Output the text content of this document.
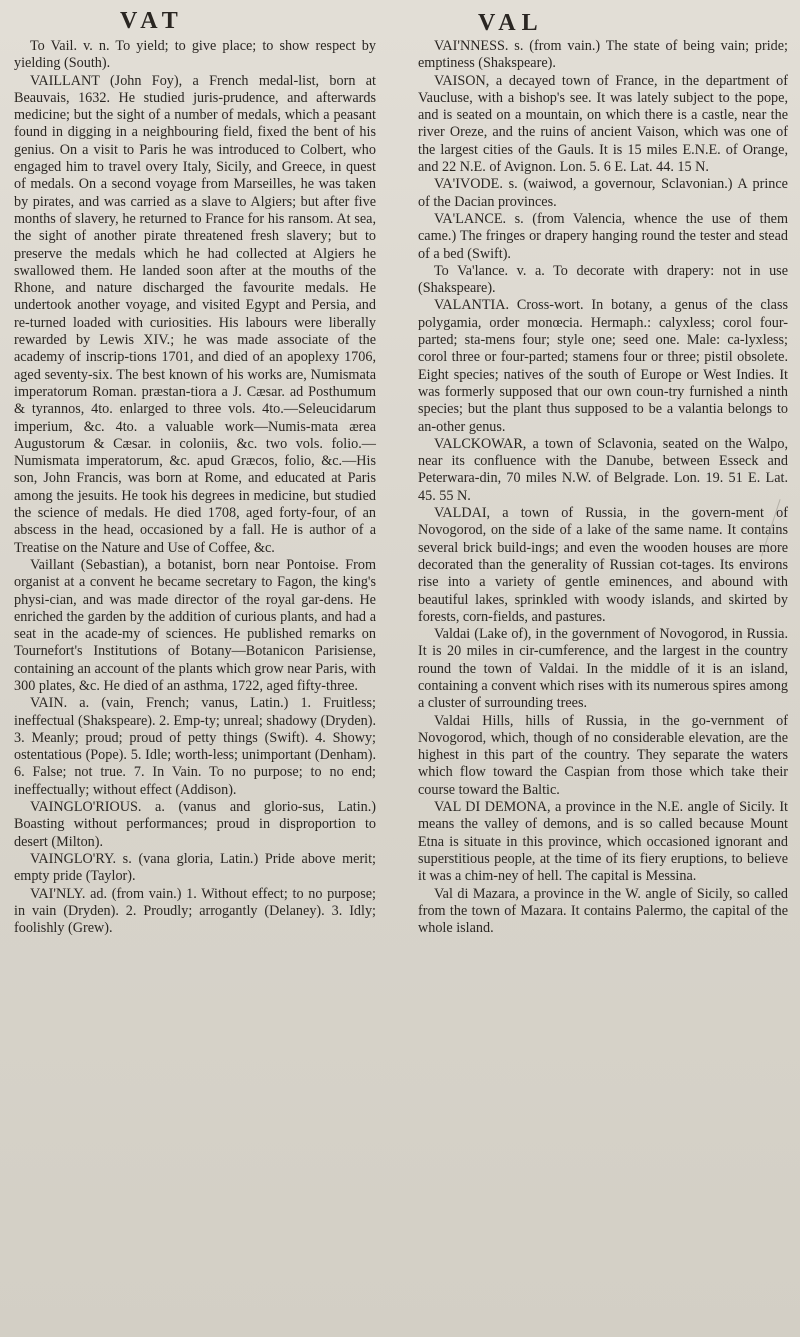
VAT	VAL

To Vail. v. n. To yield; to give place; to show respect by yielding (South).

VAILLANT (John Foy), a French medal-list, born at Beauvais, 1632. He studied juris-prudence, and afterwards medicine; but the sight of a number of medals, which a peasant found in digging in a neighbouring field, fixed the bent of his genius. On a visit to Paris he was introduced to Colbert, who engaged him to travel overy Italy, Sicily, and Greece, in quest of medals. On a second voyage from Marseilles, he was taken by pirates, and was carried as a slave to Algiers; but after five months of slavery, he returned to France for his ransom. At sea, the sight of another pirate threatened fresh slavery; but to preserve the medals which he had collected at Algiers he swallowed them. He landed soon after at the mouths of the Rhone, and nature discharged the favourite medals. He undertook another voyage, and visited Egypt and Persia, and re-turned loaded with curiosities. His labours were liberally rewarded by Lewis XIV.; he was made associate of the academy of inscrip-tions 1701, and died of an apoplexy 1706, aged seventy-six. The best known of his works are, Numismata imperatorum Roman. præstan-tiora a J. Cæsar. ad Posthumum & tyrannos, 4to. enlarged to three vols. 4to.—Seleucidarum imperium, &c. 4to. a valuable work—Numis-mata ærea Augustorum & Cæsar. in coloniis, &c. two vols. folio.—Numismata imperatorum, &c. apud Græcos, folio, &c.—His son, John Francis, was born at Rome, and educated at Paris among the jesuits. He took his degrees in medicine, but studied the science of medals. He died 1708, aged forty-four, of an abscess in the head, occasioned by a fall. He is author of a Treatise on the Nature and Use of Coffee, &c.

Vaillant (Sebastian), a botanist, born near Pontoise. From organist at a convent he became secretary to Fagon, the king's physi-cian, and was made director of the royal gar-dens. He enriched the garden by the addition of curious plants, and had a seat in the acade-my of sciences. He published remarks on Tournefort's Institutions of Botany—Botanicon Parisiense, containing an account of the plants which grow near Paris, with 300 plates, &c. He died of an asthma, 1722, aged fifty-three.

VAIN. a. (vain, French; vanus, Latin.) 1. Fruitless; ineffectual (Shakspeare). 2. Emp-ty; unreal; shadowy (Dryden). 3. Meanly; proud; proud of petty things (Swift). 4. Showy; ostentatious (Pope). 5. Idle; worth-less; unimportant (Denham). 6. False; not true. 7. In Vain. To no purpose; to no end; ineffectually; without effect (Addison).

VAINGLO'RIOUS. a. (vanus and glorio-sus, Latin.) Boasting without performances; proud in disproportion to desert (Milton).

VAINGLO'RY. s. (vana gloria, Latin.) Pride above merit; empty pride (Taylor).

VAI'NLY. ad. (from vain.) 1. Without effect; to no purpose; in vain (Dryden). 2. Proudly; arrogantly (Delaney). 3. Idly; foolishly (Grew).

VAI'NNESS. s. (from vain.) The state of being vain; pride; emptiness (Shakspeare).

VAISON, a decayed town of France, in the department of Vaucluse, with a bishop's see. It was lately subject to the pope, and is seated on a mountain, on which there is a castle, near the river Oreze, and the ruins of ancient Vaison, which was one of the largest cities of the Gauls. It is 15 miles E.N.E. of Orange, and 22 N.E. of Avignon. Lon. 5. 6 E. Lat. 44. 15 N.

VA'IVODE. s. (waiwod, a governour, Sclavonian.) A prince of the Dacian provinces.

VA'LANCE. s. (from Valencia, whence the use of them came.) The fringes or drapery hanging round the tester and stead of a bed (Swift).

To Va'lance. v. a. To decorate with drapery: not in use (Shakspeare).

VALANTIA. Cross-wort. In botany, a genus of the class polygamia, order monœcia. Hermaph.: calyxless; corol four-parted; sta-mens four; style one; seed one. Male: ca-lyxless; corol three or four-parted; stamens four or three; pistil obsolete. Eight species; natives of the south of Europe or West Indies. It was formerly supposed that our own coun-try furnished a ninth species; but the plant thus supposed to be a valantia belongs to an-other genus.

VALCKOWAR, a town of Sclavonia, seated on the Walpo, near its confluence with the Danube, between Esseck and Peterwara-din, 70 miles N.W. of Belgrade. Lon. 19. 51 E. Lat. 45. 55 N.

VALDAI, a town of Russia, in the govern-ment of Novogorod, on the side of a lake of the same name. It contains several brick build-ings; and even the wooden houses are more decorated than the generality of Russian cot-tages. Its environs rise into a variety of gentle eminences, and abound with beautiful lakes, sprinkled with woody islands, and skirted by forests, corn-fields, and pastures.

Valdai (Lake of), in the government of Novogorod, in Russia. It is 20 miles in cir-cumference, and the largest in the country round the town of Valdai. In the middle of it is an island, containing a convent which rises with its numerous spires among a cluster of surrounding trees.

Valdai Hills, hills of Russia, in the go-vernment of Novogorod, which, though of no considerable elevation, are the highest in this part of the country. They separate the waters which flow toward the Caspian from those which take their course toward the Baltic.

VAL DI DEMONA, a province in the N.E. angle of Sicily. It means the valley of demons, and is so called because Mount Etna is situate in this province, which occasioned ignorant and superstitious people, at the time of its fiery eruptions, to believe it was a chim-ney of hell. The capital is Messina.

Val di Mazara, a province in the W. angle of Sicily, so called from the town of Mazara. It contains Palermo, the capital of the whole island.
